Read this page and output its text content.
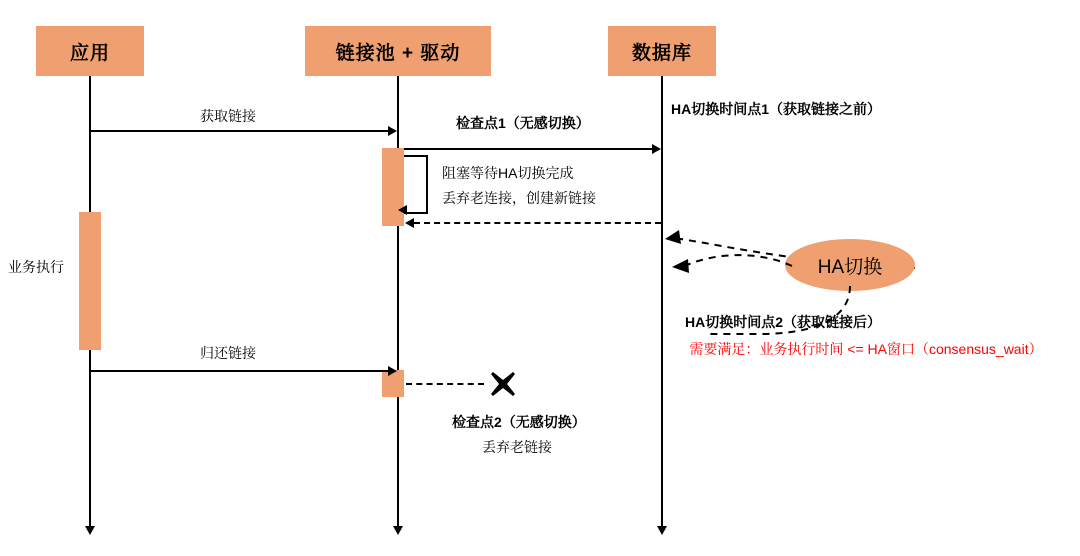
应用	链接池 + 驱动	数据库
获取链接	检查点1（无感切换）
阻塞等待HA切换完成
丢弃老连接，创建新链接
业务执行
归还链接
检查点2（无感切换）
丢弃老链接
HA切换时间点1（获取链接之前）
HA切换
HA切换时间点2（获取链接后）
需要满足：业务执行时间 <= HA窗口（consensus_wait）
